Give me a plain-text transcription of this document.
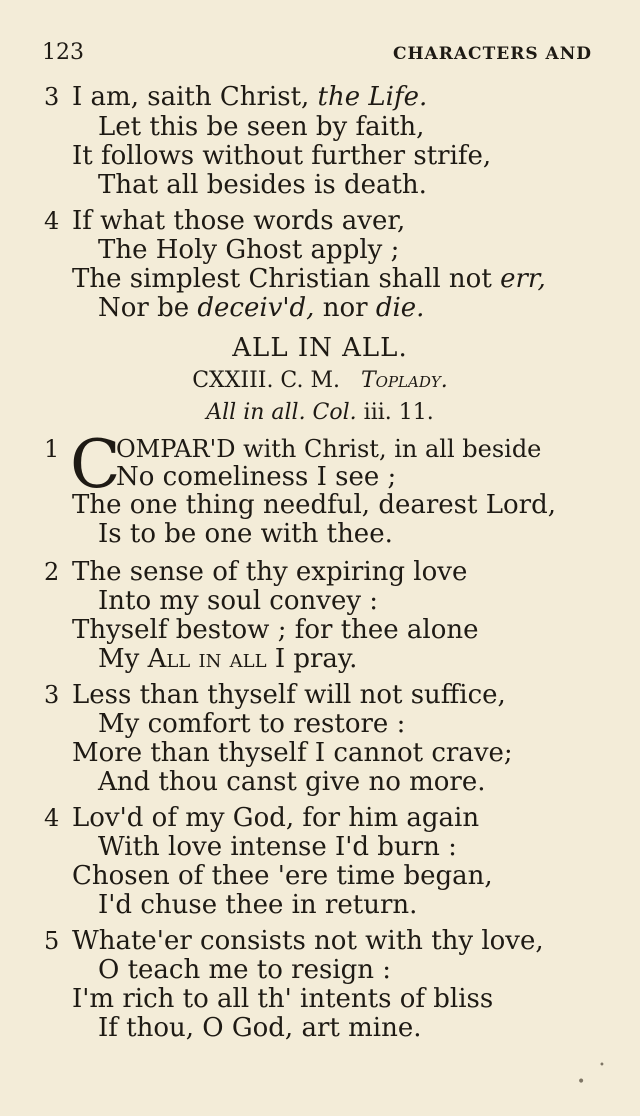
123	CHARACTERS AND
3 I am, saith Christ, the Life.
Let this be seen by faith,
It follows without further strife,
That all besides is death.
4 If what those words aver,
The Holy Ghost apply ;
The simplest Christian shall not err,
Nor be deceiv'd, nor die.
ALL IN ALL.
CXXIII. C. M. Toplady.
All in all. Col. iii. 11.
1 C
OMPAR'D with Christ, in all beside
No comeliness I see ;
The one thing needful, dearest Lord,
Is to be one with thee.
2 The sense of thy expiring love
Into my soul convey :
Thyself bestow ; for thee alone
My All in all I pray.
3 Less than thyself will not suffice,
My comfort to restore :
More than thyself I cannot crave;
And thou canst give no more.
4 Lov'd of my God, for him again
With love intense I'd burn :
Chosen of thee 'ere time began,
I'd chuse thee in return.
5 Whate'er consists not with thy love,
O teach me to resign :
I'm rich to all th' intents of bliss
If thou, O God, art mine.
•
•
